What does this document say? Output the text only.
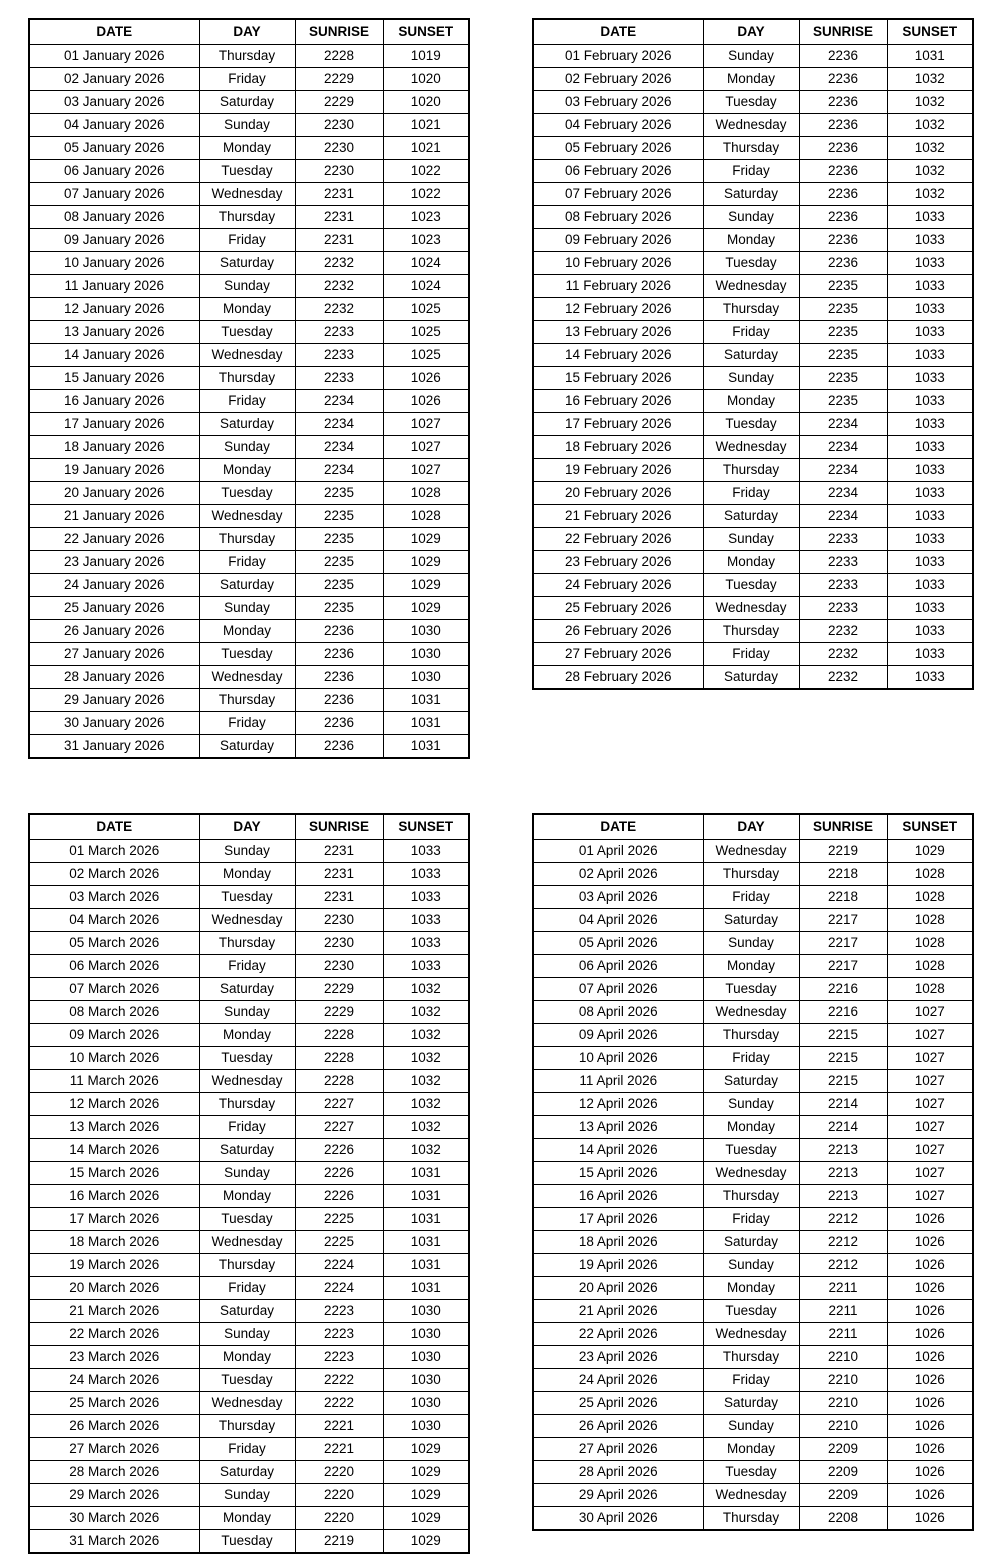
DATE	DAY	SUNRISE	SUNSET
01 January 2026	Thursday	2228	1019
02 January 2026	Friday	2229	1020
03 January 2026	Saturday	2229	1020
04 January 2026	Sunday	2230	1021
05 January 2026	Monday	2230	1021
06 January 2026	Tuesday	2230	1022
07 January 2026	Wednesday	2231	1022
08 January 2026	Thursday	2231	1023
09 January 2026	Friday	2231	1023
10 January 2026	Saturday	2232	1024
11 January 2026	Sunday	2232	1024
12 January 2026	Monday	2232	1025
13 January 2026	Tuesday	2233	1025
14 January 2026	Wednesday	2233	1025
15 January 2026	Thursday	2233	1026
16 January 2026	Friday	2234	1026
17 January 2026	Saturday	2234	1027
18 January 2026	Sunday	2234	1027
19 January 2026	Monday	2234	1027
20 January 2026	Tuesday	2235	1028
21 January 2026	Wednesday	2235	1028
22 January 2026	Thursday	2235	1029
23 January 2026	Friday	2235	1029
24 January 2026	Saturday	2235	1029
25 January 2026	Sunday	2235	1029
26 January 2026	Monday	2236	1030
27 January 2026	Tuesday	2236	1030
28 January 2026	Wednesday	2236	1030
29 January 2026	Thursday	2236	1031
30 January 2026	Friday	2236	1031
31 January 2026	Saturday	2236	1031
DATE	DAY	SUNRISE	SUNSET
01 February 2026	Sunday	2236	1031
02 February 2026	Monday	2236	1032
03 February 2026	Tuesday	2236	1032
04 February 2026	Wednesday	2236	1032
05 February 2026	Thursday	2236	1032
06 February 2026	Friday	2236	1032
07 February 2026	Saturday	2236	1032
08 February 2026	Sunday	2236	1033
09 February 2026	Monday	2236	1033
10 February 2026	Tuesday	2236	1033
11 February 2026	Wednesday	2235	1033
12 February 2026	Thursday	2235	1033
13 February 2026	Friday	2235	1033
14 February 2026	Saturday	2235	1033
15 February 2026	Sunday	2235	1033
16 February 2026	Monday	2235	1033
17 February 2026	Tuesday	2234	1033
18 February 2026	Wednesday	2234	1033
19 February 2026	Thursday	2234	1033
20 February 2026	Friday	2234	1033
21 February 2026	Saturday	2234	1033
22 February 2026	Sunday	2233	1033
23 February 2026	Monday	2233	1033
24 February 2026	Tuesday	2233	1033
25 February 2026	Wednesday	2233	1033
26 February 2026	Thursday	2232	1033
27 February 2026	Friday	2232	1033
28 February 2026	Saturday	2232	1033
DATE	DAY	SUNRISE	SUNSET
01 March 2026	Sunday	2231	1033
02 March 2026	Monday	2231	1033
03 March 2026	Tuesday	2231	1033
04 March 2026	Wednesday	2230	1033
05 March 2026	Thursday	2230	1033
06 March 2026	Friday	2230	1033
07 March 2026	Saturday	2229	1032
08 March 2026	Sunday	2229	1032
09 March 2026	Monday	2228	1032
10 March 2026	Tuesday	2228	1032
11 March 2026	Wednesday	2228	1032
12 March 2026	Thursday	2227	1032
13 March 2026	Friday	2227	1032
14 March 2026	Saturday	2226	1032
15 March 2026	Sunday	2226	1031
16 March 2026	Monday	2226	1031
17 March 2026	Tuesday	2225	1031
18 March 2026	Wednesday	2225	1031
19 March 2026	Thursday	2224	1031
20 March 2026	Friday	2224	1031
21 March 2026	Saturday	2223	1030
22 March 2026	Sunday	2223	1030
23 March 2026	Monday	2223	1030
24 March 2026	Tuesday	2222	1030
25 March 2026	Wednesday	2222	1030
26 March 2026	Thursday	2221	1030
27 March 2026	Friday	2221	1029
28 March 2026	Saturday	2220	1029
29 March 2026	Sunday	2220	1029
30 March 2026	Monday	2220	1029
31 March 2026	Tuesday	2219	1029
DATE	DAY	SUNRISE	SUNSET
01 April 2026	Wednesday	2219	1029
02 April 2026	Thursday	2218	1028
03 April 2026	Friday	2218	1028
04 April 2026	Saturday	2217	1028
05 April 2026	Sunday	2217	1028
06 April 2026	Monday	2217	1028
07 April 2026	Tuesday	2216	1028
08 April 2026	Wednesday	2216	1027
09 April 2026	Thursday	2215	1027
10 April 2026	Friday	2215	1027
11 April 2026	Saturday	2215	1027
12 April 2026	Sunday	2214	1027
13 April 2026	Monday	2214	1027
14 April 2026	Tuesday	2213	1027
15 April 2026	Wednesday	2213	1027
16 April 2026	Thursday	2213	1027
17 April 2026	Friday	2212	1026
18 April 2026	Saturday	2212	1026
19 April 2026	Sunday	2212	1026
20 April 2026	Monday	2211	1026
21 April 2026	Tuesday	2211	1026
22 April 2026	Wednesday	2211	1026
23 April 2026	Thursday	2210	1026
24 April 2026	Friday	2210	1026
25 April 2026	Saturday	2210	1026
26 April 2026	Sunday	2210	1026
27 April 2026	Monday	2209	1026
28 April 2026	Tuesday	2209	1026
29 April 2026	Wednesday	2209	1026
30 April 2026	Thursday	2208	1026
